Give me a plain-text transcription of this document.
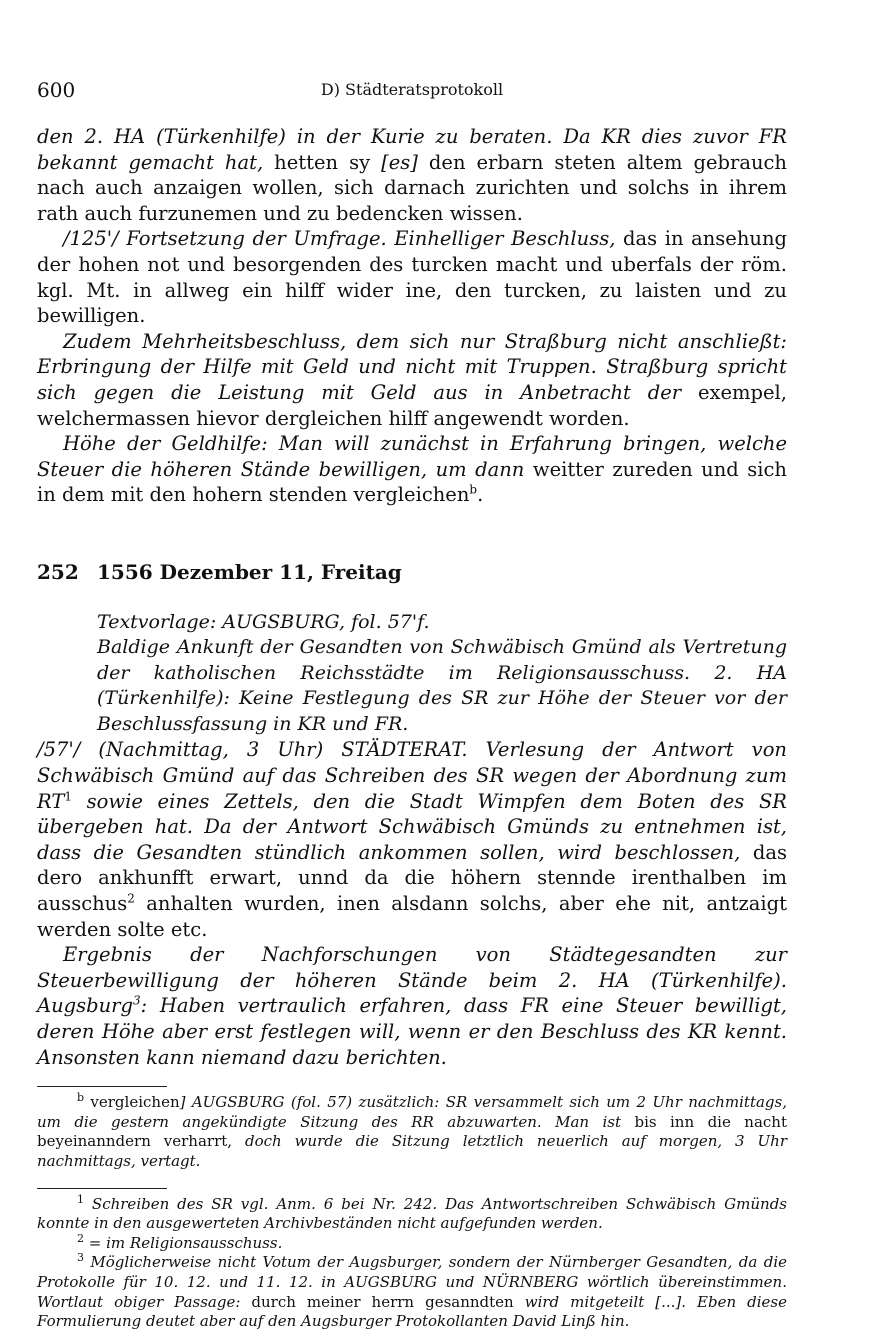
600	D) Städteratsprotokoll

den 2. HA (Türkenhilfe) in der Kurie zu beraten. Da KR dies zuvor FR bekannt gemacht hat, hetten sy [es] den erbarn steten altem gebrauch nach auch anzaigen wollen, sich darnach zurichten und solchs in ihrem rath auch furzunemen und zu bedencken wissen.

/125'/ Fortsetzung der Umfrage. Einhelliger Beschluss, das in ansehung der hohen not und besorgenden des turcken macht und uberfals der röm. kgl. Mt. in allweg ein hilff wider ine, den turcken, zu laisten und zu bewilligen.

Zudem Mehrheitsbeschluss, dem sich nur Straßburg nicht anschließt: Erbringung der Hilfe mit Geld und nicht mit Truppen. Straßburg spricht sich gegen die Leistung mit Geld aus in Anbetracht der exempel, welchermassen hievor dergleichen hilff angewendt worden.

Höhe der Geldhilfe: Man will zunächst in Erfahrung bringen, welche Steuer die höheren Stände bewilligen, um dann weitter zureden und sich in dem mit den hohern stenden vergleichen$^b$.

252 1556 Dezember 11, Freitag

Textvorlage: AUGSBURG, fol. 57'f.

Baldige Ankunft der Gesandten von Schwäbisch Gmünd als Vertretung der katholischen Reichsstädte im Religionsausschuss. 2. HA (Türkenhilfe): Keine Festlegung des SR zur Höhe der Steuer vor der Beschlussfassung in KR und FR.

/57'/ (Nachmittag, 3 Uhr) STÄDTERAT. Verlesung der Antwort von Schwäbisch Gmünd auf das Schreiben des SR wegen der Abordnung zum $RT^1$ sowie eines Zettels, den die Stadt Wimpfen dem Boten des SR übergeben hat. Da der Antwort Schwäbisch Gmünds zu entnehmen ist, dass die Gesandten stündlich ankommen sollen, wird beschlossen, das dero ankhunfft erwart, unnd da die höhern stennde irenthalben im ausschus$^2$ anhalten wurden, inen alsdann solchs, aber ehe nit, antzaigt werden solte etc.

Ergebnis der Nachforschungen von Städtegesandten zur Steuerbewilligung der höheren Stände beim 2. HA (Türkenhilfe). Augsburg$^3$: Haben vertraulich erfahren, dass FR eine Steuer bewilligt, deren Höhe aber erst festlegen will, wenn er den Beschluss des KR kennt. Ansonsten kann niemand dazu berichten.

$^b$ vergleichen] AUGSBURG (fol. 57) zusätzlich: SR versammelt sich um 2 Uhr nachmittags, um die gestern angekündigte Sitzung des RR abzuwarten. Man ist bis inn die nacht beyeinanndern verharrt, doch wurde die Sitzung letztlich neuerlich auf morgen, 3 Uhr nachmittags, vertagt.

$^1$ Schreiben des SR vgl. Anm. 6 bei Nr. 242. Das Antwortschreiben Schwäbisch Gmünds konnte in den ausgewerteten Archivbeständen nicht aufgefunden werden.

$^2$ = im Religionsausschuss.

$^3$ Möglicherweise nicht Votum der Augsburger, sondern der Nürnberger Gesandten, da die Protokolle für 10. 12. und 11. 12. in AUGSBURG und NÜRNBERG wörtlich übereinstimmen. Wortlaut obiger Passage: durch meiner herrn gesanndten wird mitgeteilt [...]. Eben diese Formulierung deutet aber auf den Augsburger Protokollanten David Linß hin.
